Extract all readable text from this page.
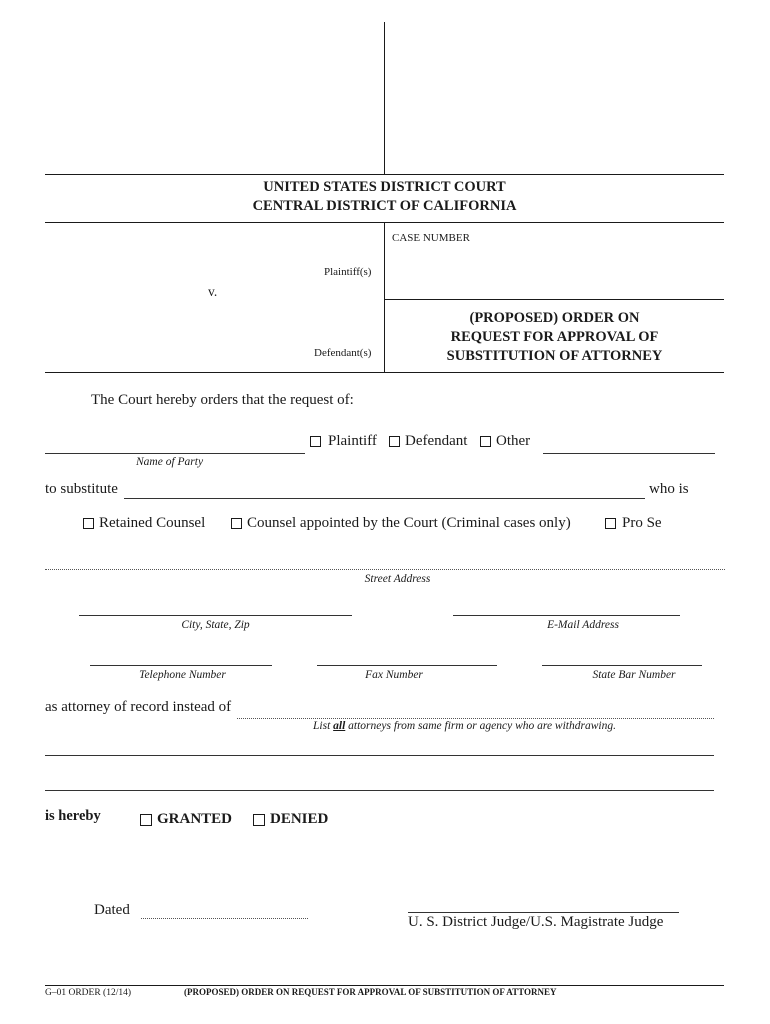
UNITED STATES DISTRICT COURT
CENTRAL DISTRICT OF CALIFORNIA
CASE NUMBER
Plaintiff(s)
v.
Defendant(s)
(PROPOSED) ORDER ON
REQUEST FOR APPROVAL OF
SUBSTITUTION OF ATTORNEY
The Court hereby orders that the request of:
Name of Party
Plaintiff Defendant Other
to substitute	who is
Retained Counsel	Counsel appointed by the Court (Criminal cases only)	Pro Se
Street Address
City, State, Zip	E-Mail Address
Telephone Number	Fax Number	State Bar Number
as attorney of record instead of
List all attorneys from same firm or agency who are withdrawing.
is hereby	GRANTED	DENIED
Dated
U. S. District Judge/U.S. Magistrate Judge
G–01 ORDER (12/14)	(PROPOSED) ORDER ON REQUEST FOR APPROVAL OF SUBSTITUTION OF ATTORNEY
